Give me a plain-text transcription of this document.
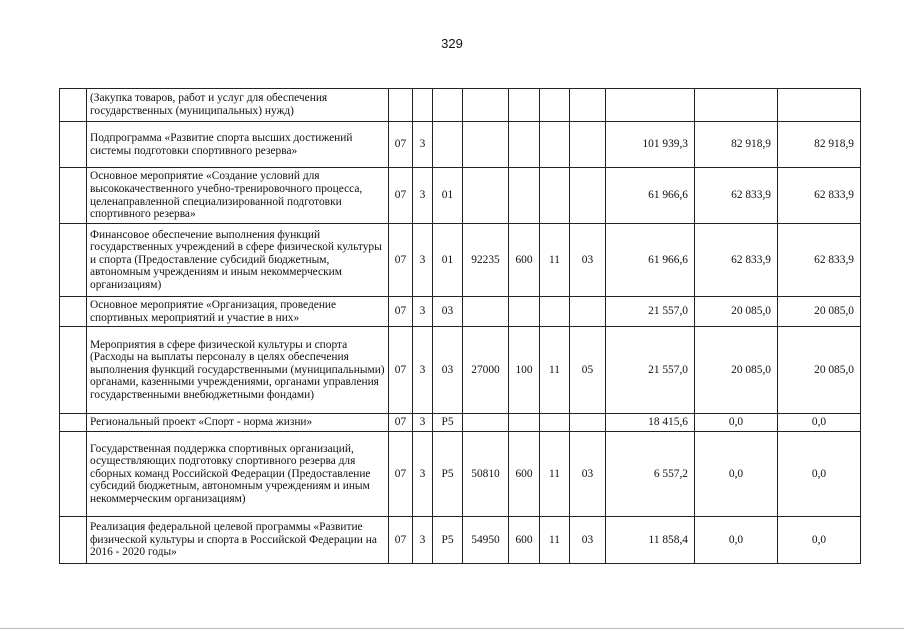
329
	(Закупка товаров, работ и услуг для обеспечения государственных (муниципальных) нужд)										
	Подпрограмма «Развитие спорта высших достижений системы подготовки спортивного резерва»	07	3						101 939,3	82 918,9	82 918,9
	Основное мероприятие «Создание условий для высококачественного учебно-тренировочного процесса, целенаправленной специализированной подготовки спортивного резерва»	07	3	01					61 966,6	62 833,9	62 833,9
	Финансовое обеспечение выполнения функций государственных учреждений в сфере физической культуры и спорта (Предоставление субсидий бюджетным, автономным учреждениям и иным некоммерческим организациям)	07	3	01	92235	600	11	03	61 966,6	62 833,9	62 833,9
	Основное мероприятие «Организация, проведение спортивных мероприятий и участие в них»	07	3	03					21 557,0	20 085,0	20 085,0
	Мероприятия в сфере физической культуры и спорта (Расходы на выплаты персоналу в целях обеспечения выполнения функций государственными (муниципальными) органами, казенными учреждениями, органами управления государственными внебюджетными фондами)	07	3	03	27000	100	11	05	21 557,0	20 085,0	20 085,0
	Региональный проект «Спорт - норма жизни»	07	3	P5					18 415,6	0,0	0,0
	Государственная поддержка спортивных организаций, осуществляющих подготовку спортивного резерва для сборных команд Российской Федерации (Предоставление субсидий бюджетным, автономным учреждениям и иным некоммерческим организациям)	07	3	P5	50810	600	11	03	6 557,2	0,0	0,0
	Реализация федеральной целевой программы «Развитие физической культуры и спорта в Российской Федерации на 2016 - 2020 годы»	07	3	P5	54950	600	11	03	11 858,4	0,0	0,0
